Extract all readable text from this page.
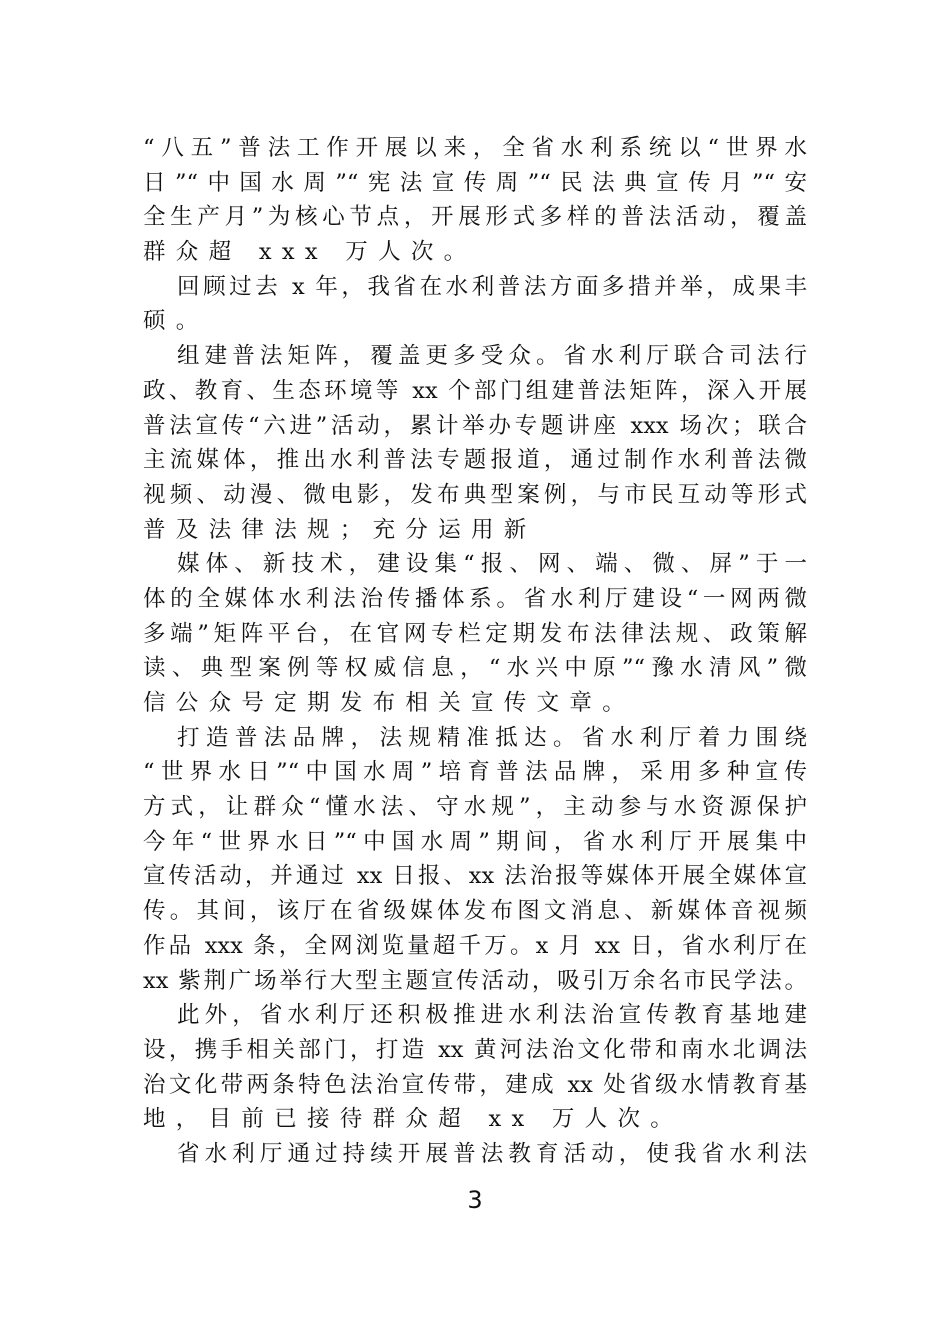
“八五”普法工作开展以来，全省水利系统以“世界水
日”“中国水周”“宪法宣传周”“民法典宣传月”“安
全生产月”为核心节点，开展形式多样的普法活动，覆盖
群众超 xxx 万人次。
回顾过去 x 年，我省在水利普法方面多措并举，成果丰
硕。
组建普法矩阵，覆盖更多受众。省水利厅联合司法行
政、教育、生态环境等 xx 个部门组建普法矩阵，深入开展
普法宣传“六进”活动，累计举办专题讲座 xxx 场次；联合
主流媒体，推出水利普法专题报道，通过制作水利普法微
视频、动漫、微电影，发布典型案例，与市民互动等形式
普及法律法规；充分运用新
媒体、新技术，建设集“报、网、端、微、屏”于一
体的全媒体水利法治传播体系。省水利厅建设“一网两微
多端”矩阵平台，在官网专栏定期发布法律法规、政策解
读、典型案例等权威信息，“水兴中原”“豫水清风”微
信公众号定期发布相关宣传文章。
打造普法品牌，法规精准抵达。省水利厅着力围绕
“世界水日”“中国水周”培育普法品牌，采用多种宣传
方式，让群众“懂水法、守水规”，主动参与水资源保护
今年“世界水日”“中国水周”期间，省水利厅开展集中
宣传活动，并通过 xx 日报、xx 法治报等媒体开展全媒体宣
传。其间，该厅在省级媒体发布图文消息、新媒体音视频
作品 xxx 条，全网浏览量超千万。x 月 xx 日，省水利厅在
xx 紫荆广场举行大型主题宣传活动，吸引万余名市民学法。
此外，省水利厅还积极推进水利法治宣传教育基地建
设，携手相关部门，打造 xx 黄河法治文化带和南水北调法
治文化带两条特色法治宣传带，建成 xx 处省级水情教育基
地，目前已接待群众超 xx 万人次。
省水利厅通过持续开展普法教育活动，使我省水利法
3
